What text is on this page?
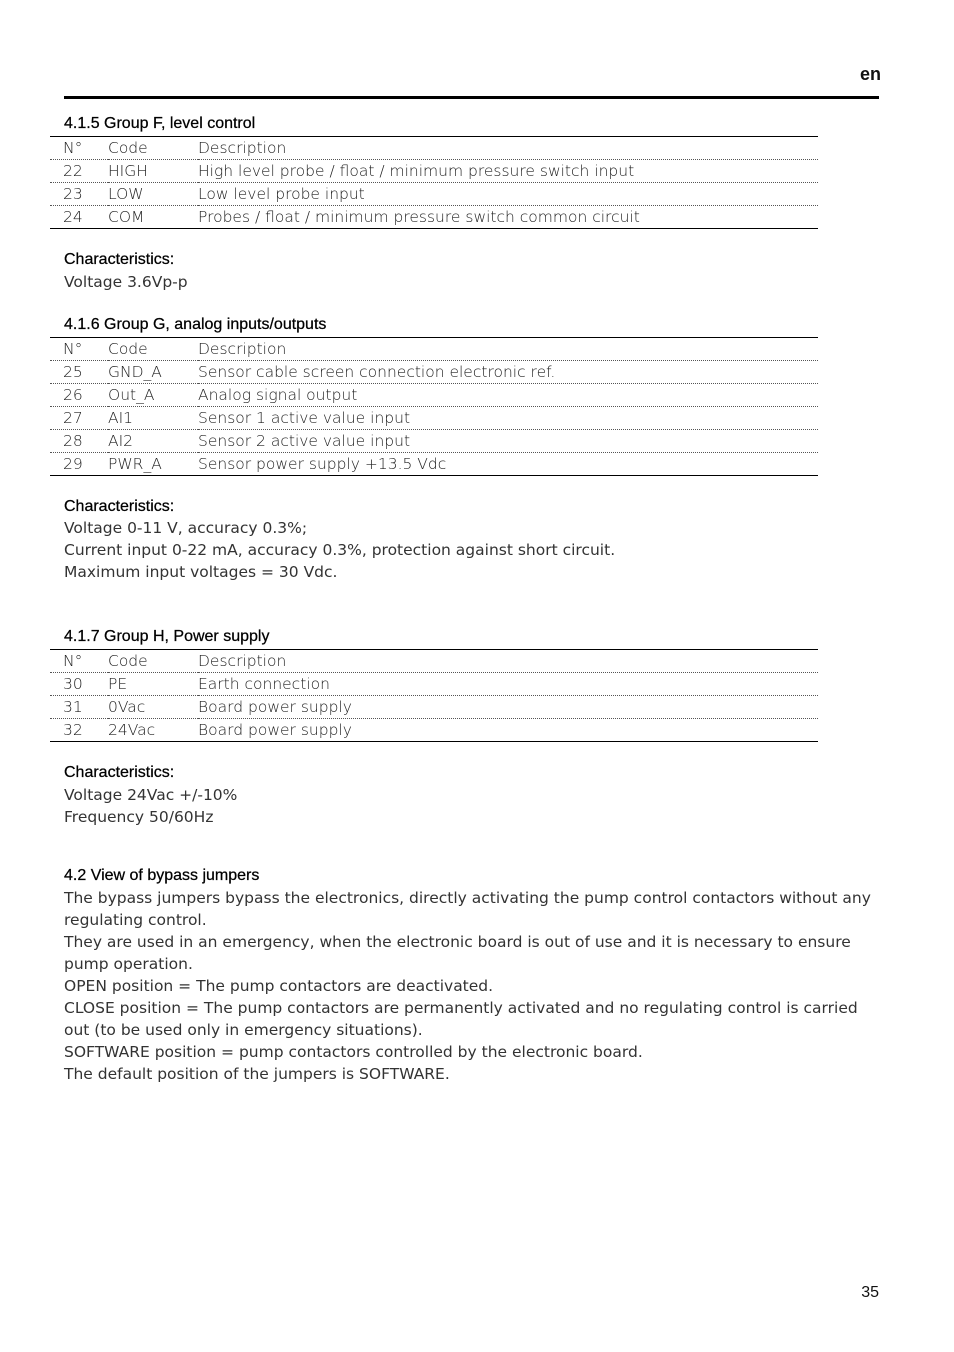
en
4.1.5 Group F, level control
N°	Code	Description
22	HIGH	High level probe / float / minimum pressure switch input
23	LOW	Low level probe input
24	COM	Probes / float / minimum pressure switch common circuit
Characteristics:

Voltage 3.6Vp-p

4.1.6 Group G, analog inputs/outputs
N°	Code	Description
25	GND_A	Sensor cable screen connection electronic ref.
26	Out_A	Analog signal output
27	AI1	Sensor 1 active value input
28	AI2	Sensor 2 active value input
29	PWR_A	Sensor power supply +13.5 Vdc
Characteristics:

Voltage 0-11 V, accuracy 0.3%;

Current input 0-22 mA, accuracy 0.3%, protection against short circuit.

Maximum input voltages = 30 Vdc.

4.1.7 Group H, Power supply
N°	Code	Description
30	PE	Earth connection
31	0Vac	Board power supply
32	24Vac	Board power supply
Characteristics:

Voltage 24Vac +/-10%

Frequency 50/60Hz

4.2 View of bypass jumpers

The bypass jumpers bypass the electronics, directly activating the pump control contactors without any regulating control.

They are used in an emergency, when the electronic board is out of use and it is necessary to ensure pump operation.

OPEN position = The pump contactors are deactivated.

CLOSE position = The pump contactors are permanently activated and no regulating control is carried out (to be used only in emergency situations).

SOFTWARE position = pump contactors controlled by the electronic board.

The default position of the jumpers is SOFTWARE.

35
